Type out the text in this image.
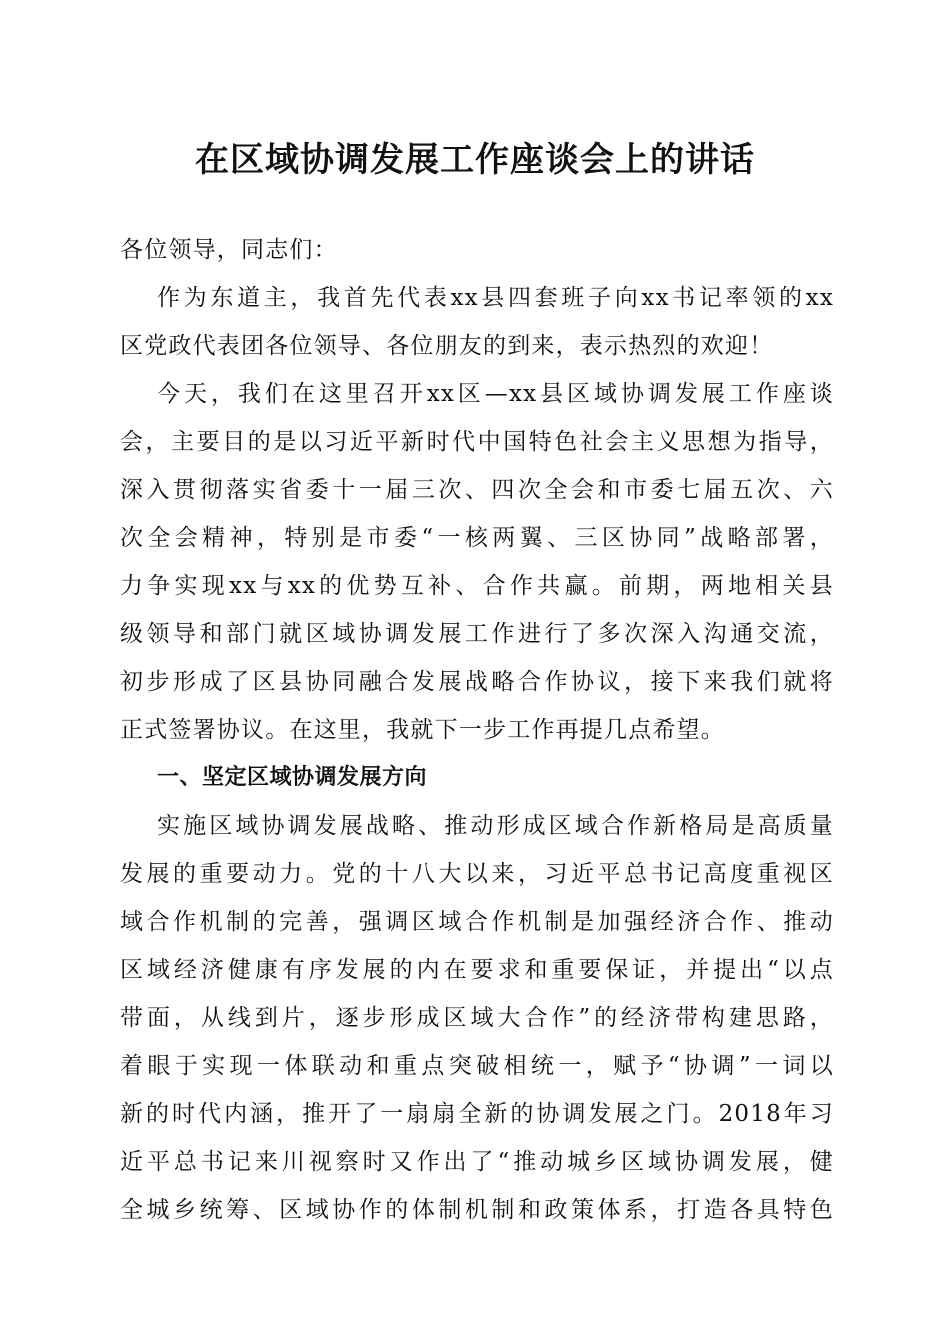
在区域协调发展工作座谈会上的讲话
各位领导，同志们：
作为东道主，我首先代表xx县四套班子向xx书记率领的xx
区党政代表团各位领导、各位朋友的到来，表示热烈的欢迎！
今天，我们在这里召开xx区—xx县区域协调发展工作座谈
会，主要目的是以习近平新时代中国特色社会主义思想为指导，
深入贯彻落实省委十一届三次、四次全会和市委七届五次、六
次全会精神，特别是市委“一核两翼、三区协同”战略部署，
力争实现xx与xx的优势互补、合作共赢。前期，两地相关县
级领导和部门就区域协调发展工作进行了多次深入沟通交流，
初步形成了区县协同融合发展战略合作协议，接下来我们就将
正式签署协议。在这里，我就下一步工作再提几点希望。
一、坚定区域协调发展方向
实施区域协调发展战略、推动形成区域合作新格局是高质量
发展的重要动力。党的十八大以来，习近平总书记高度重视区
域合作机制的完善，强调区域合作机制是加强经济合作、推动
区域经济健康有序发展的内在要求和重要保证，并提出“以点
带面，从线到片，逐步形成区域大合作”的经济带构建思路，
着眼于实现一体联动和重点突破相统一，赋予“协调”一词以
新的时代内涵，推开了一扇扇全新的协调发展之门。2018年习
近平总书记来川视察时又作出了“推动城乡区域协调发展，健
全城乡统筹、区域协作的体制机制和政策体系，打造各具特色
